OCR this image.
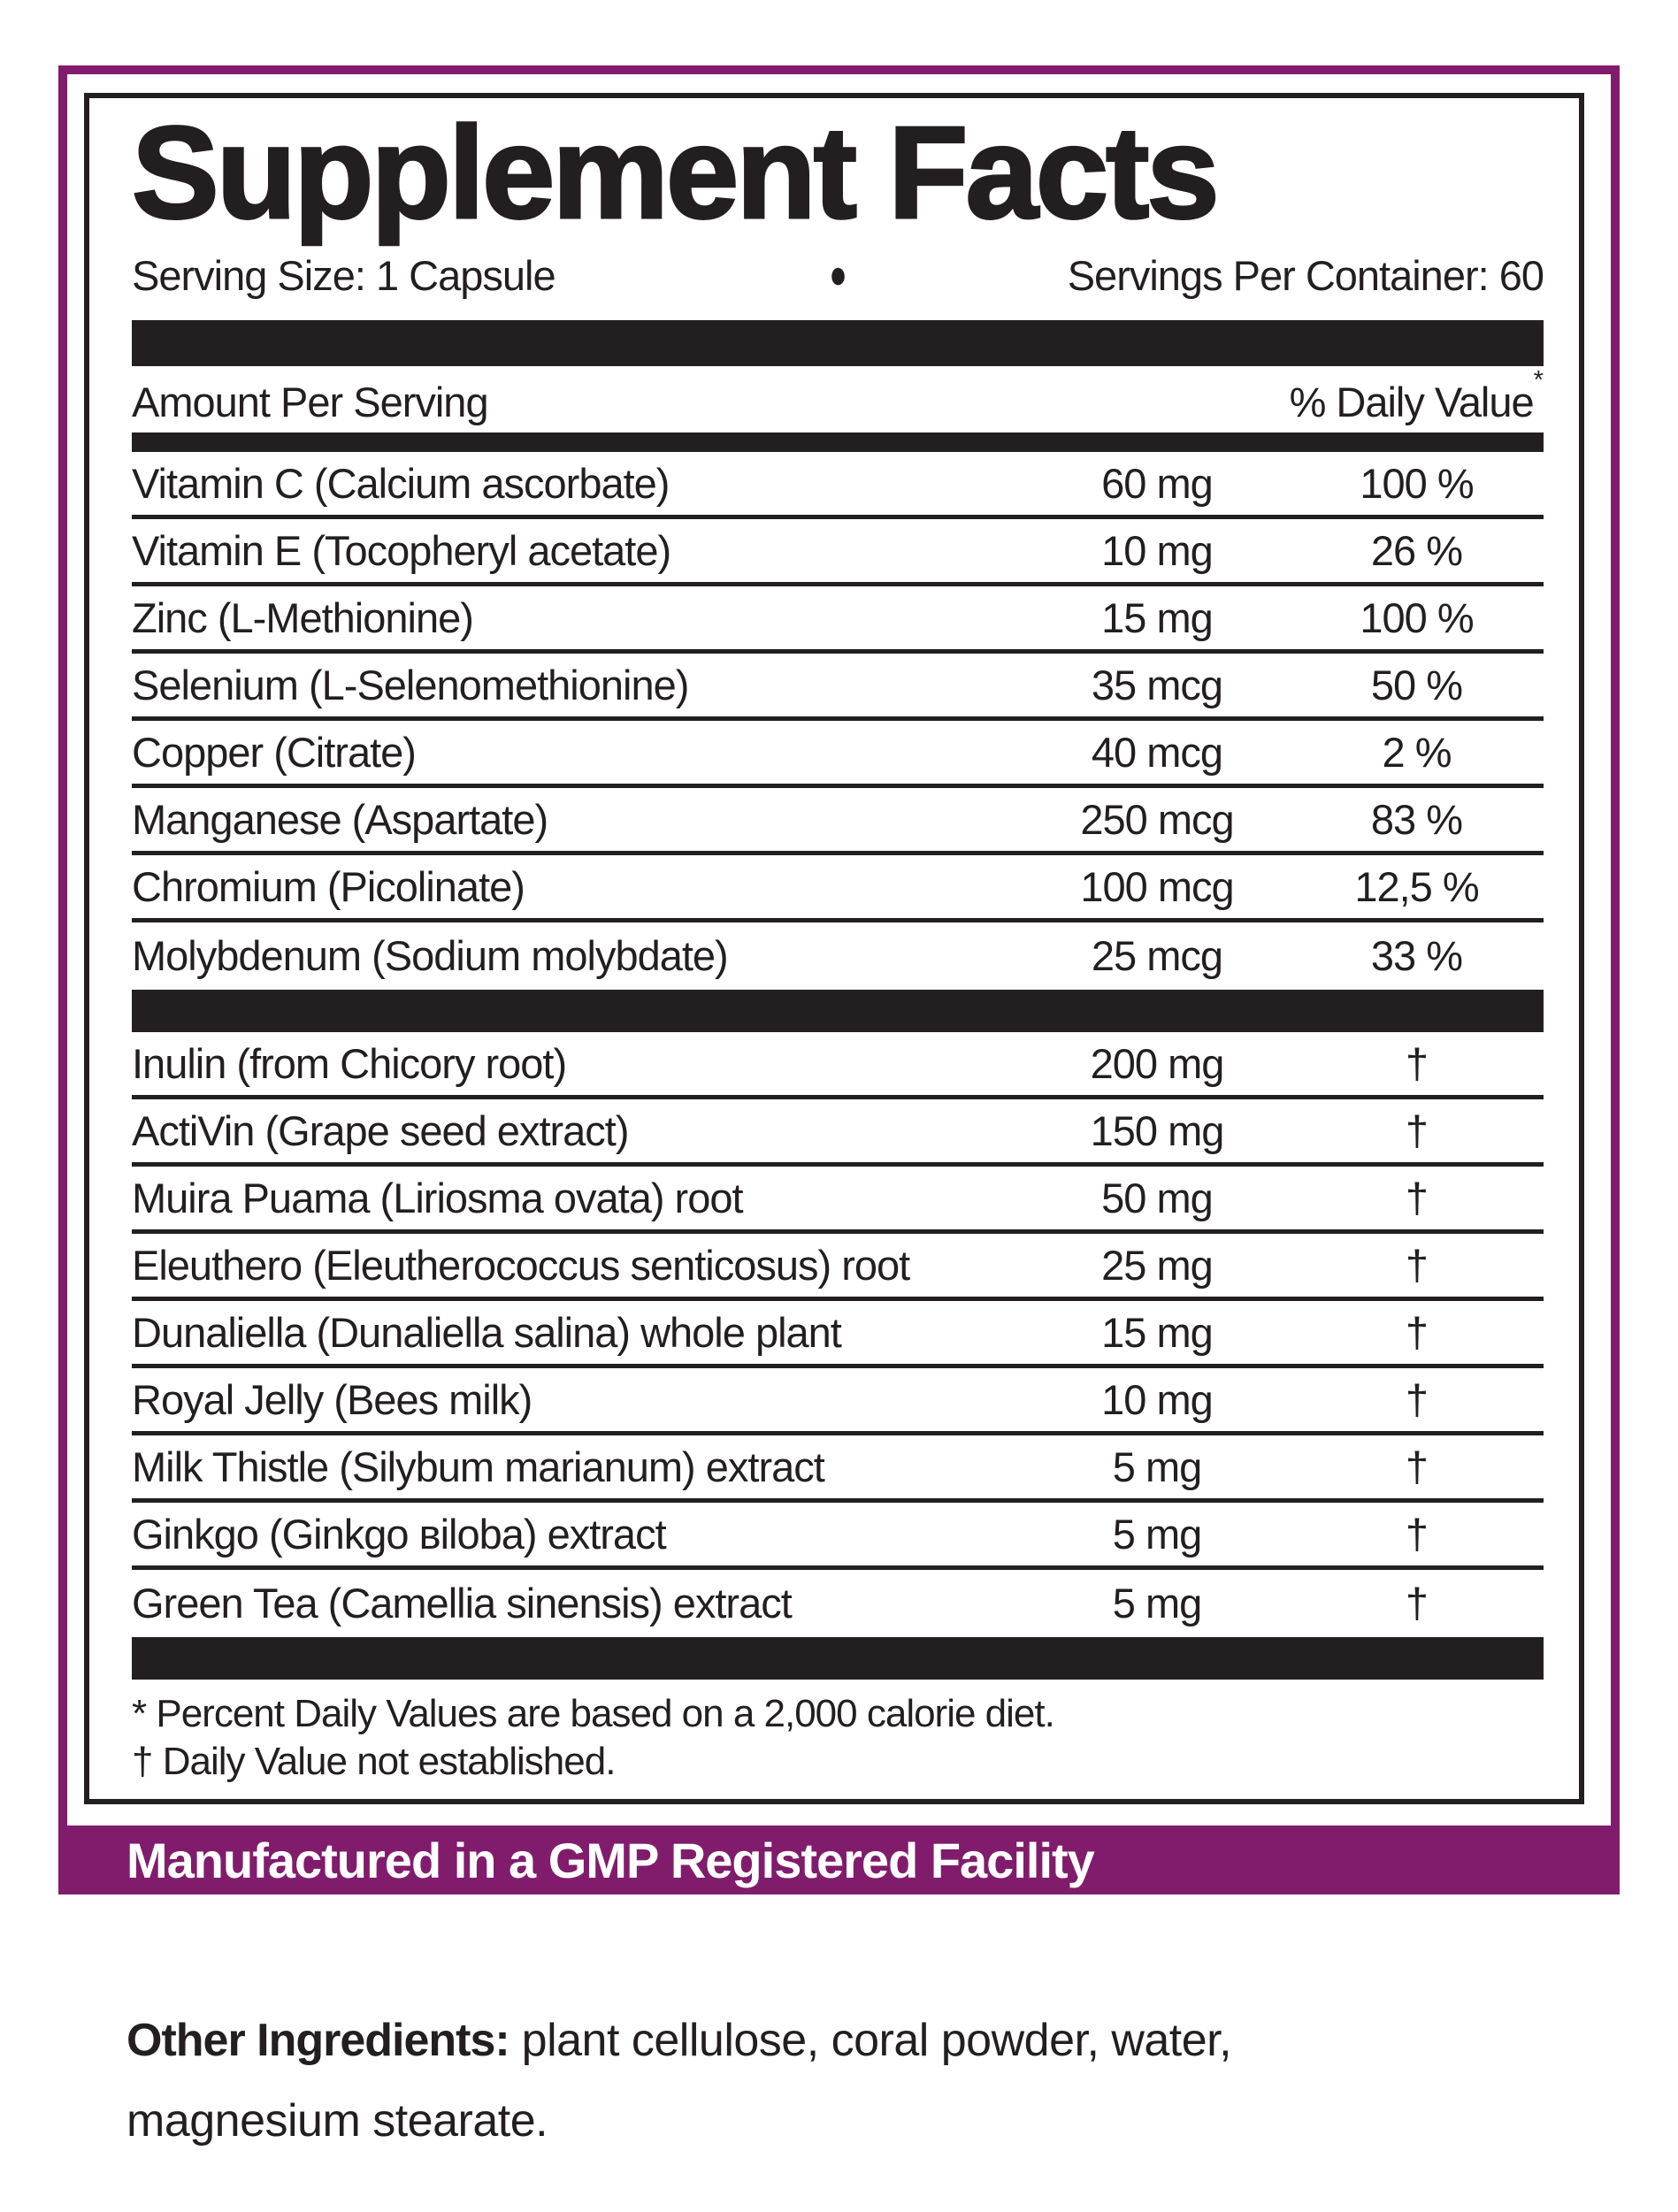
Supplement Facts
Serving Size: 1 Capsule	●	Servings Per Container: 60
Amount Per Serving	% Daily Value*
Vitamin C (Calcium ascorbate)	60 mg	100 %
Vitamin E (Tocopheryl acetate)	10 mg	26 %
Zinc (L-Methionine)	15 mg	100 %
Selenium (L-Selenomethionine)	35 mcg	50 %
Copper (Citrate)	40 mcg	2 %
Manganese (Aspartate)	250 mcg	83 %
Chromium (Picolinate)	100 mcg	12,5 %
Molybdenum (Sodium molybdate)	25 mcg	33 %
Inulin (from Chicory root)	200 mg	†
ActiVin (Grape seed extract)	150 mg	†
Muira Puama (Liriosma ovata) root	50 mg	†
Eleuthero (Eleutherococcus senticosus) root	25 mg	†
Dunaliella (Dunaliella salina) whole plant	15 mg	†
Royal Jelly (Bees milk)	10 mg	†
Milk Thistle (Silybum marianum) extract	5 mg	†
Ginkgo (Ginkgo ʙiloba) extract	5 mg	†
Green Tea (Camellia sinensis) extract	5 mg	†
* Percent Daily Values are based on a 2,000 calorie diet.
† Daily Value not established.
Manufactured in a GMP Registered Facility

Other Ingredients: plant cellulose, coral powder, water,
magnesium stearate.
